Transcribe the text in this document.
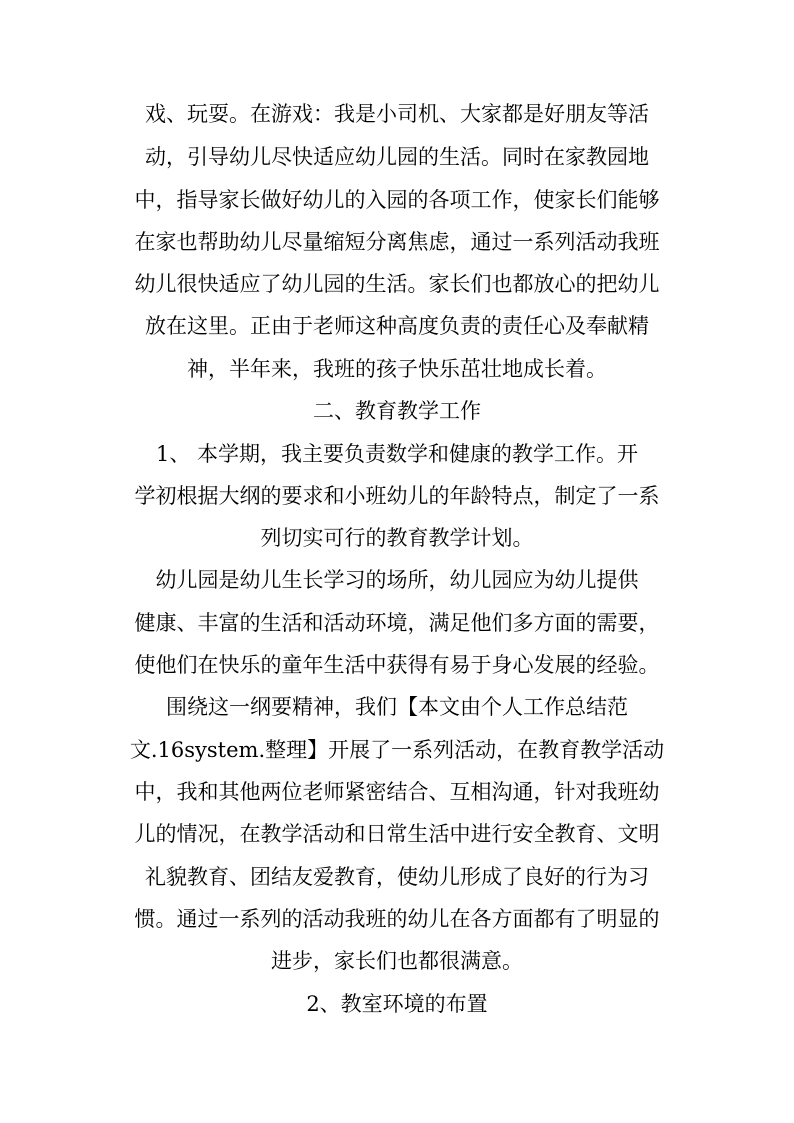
戏、玩耍。在游戏：我是小司机、大家都是好朋友等活
动，引导幼儿尽快适应幼儿园的生活。同时在家教园地
中，指导家长做好幼儿的入园的各项工作，使家长们能够
在家也帮助幼儿尽量缩短分离焦虑，通过一系列活动我班
幼儿很快适应了幼儿园的生活。家长们也都放心的把幼儿
放在这里。正由于老师这种高度负责的责任心及奉献精
神，半年来，我班的孩子快乐茁壮地成长着。
二、教育教学工作
1、 本学期，我主要负责数学和健康的教学工作。开
学初根据大纲的要求和小班幼儿的年龄特点，制定了一系
列切实可行的教育教学计划。
幼儿园是幼儿生长学习的场所，幼儿园应为幼儿提供
健康、丰富的生活和活动环境，满足他们多方面的需要，
使他们在快乐的童年生活中获得有易于身心发展的经验。
围绕这一纲要精神，我们【本文由个人工作总结范
文.16system.整理】开展了一系列活动，在教育教学活动
中，我和其他两位老师紧密结合、互相沟通，针对我班幼
儿的情况，在教学活动和日常生活中进行安全教育、文明
礼貌教育、团结友爱教育，使幼儿形成了良好的行为习
惯。通过一系列的活动我班的幼儿在各方面都有了明显的
进步，家长们也都很满意。
2、教室环境的布置
